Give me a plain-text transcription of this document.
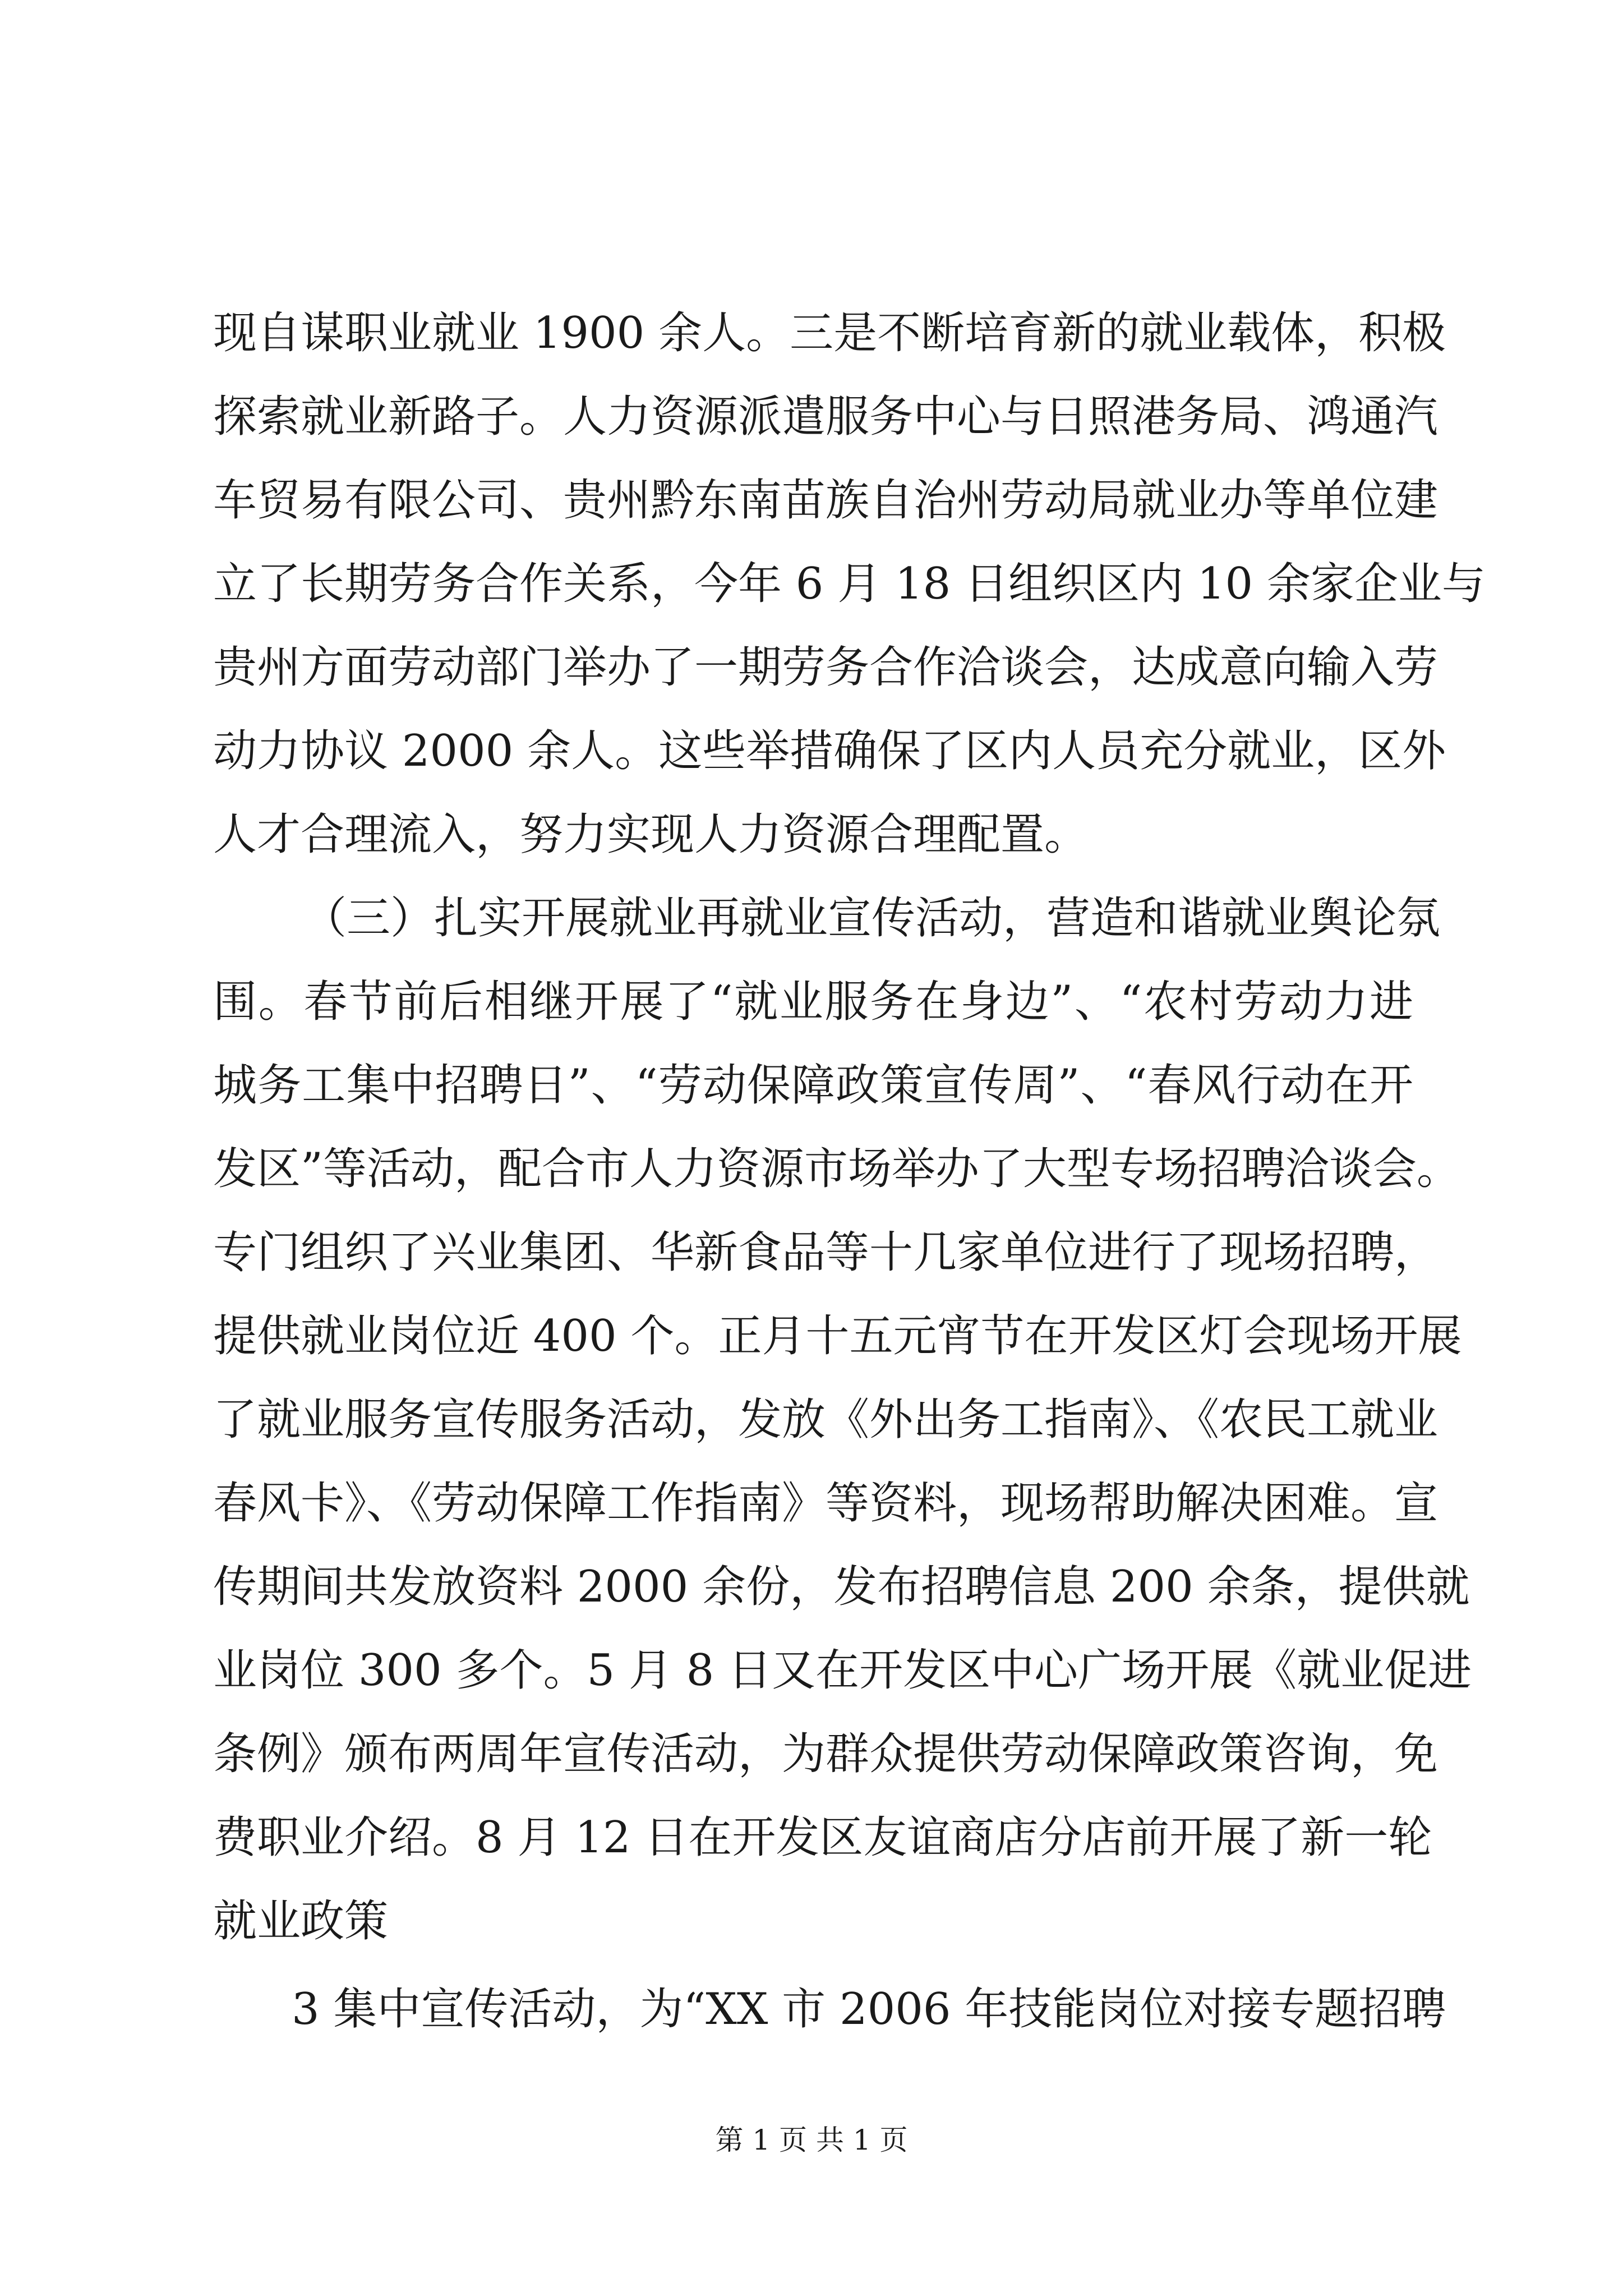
现自谋职业就业 1900 余人。三是不断培育新的就业载体，积极
探索就业新路子。人力资源派遣服务中心与日照港务局、鸿通汽
车贸易有限公司、贵州黔东南苗族自治州劳动局就业办等单位建
立了长期劳务合作关系，今年 6 月 18 日组织区内 10 余家企业与
贵州方面劳动部门举办了一期劳务合作洽谈会，达成意向输入劳
动力协议 2000 余人。这些举措确保了区内人员充分就业，区外
人才合理流入，努力实现人力资源合理配置。
（三）扎实开展就业再就业宣传活动，营造和谐就业舆论氛
围。春节前后相继开展了“就业服务在身边”、“农村劳动力进
城务工集中招聘日”、“劳动保障政策宣传周”、“春风行动在开
发区”等活动，配合市人力资源市场举办了大型专场招聘洽谈会。
专门组织了兴业集团、华新食品等十几家单位进行了现场招聘，
提供就业岗位近 400 个。正月十五元宵节在开发区灯会现场开展
了就业服务宣传服务活动，发放《外出务工指南》、《农民工就业
春风卡》、《劳动保障工作指南》等资料，现场帮助解决困难。宣
传期间共发放资料 2000 余份，发布招聘信息 200 余条，提供就
业岗位 300 多个。5 月 8 日又在开发区中心广场开展《就业促进
条例》颁布两周年宣传活动，为群众提供劳动保障政策咨询，免
费职业介绍。8 月 12 日在开发区友谊商店分店前开展了新一轮
就业政策
3 集中宣传活动，为“XX 市 2006 年技能岗位对接专题招聘
第 1 页 共 1 页
